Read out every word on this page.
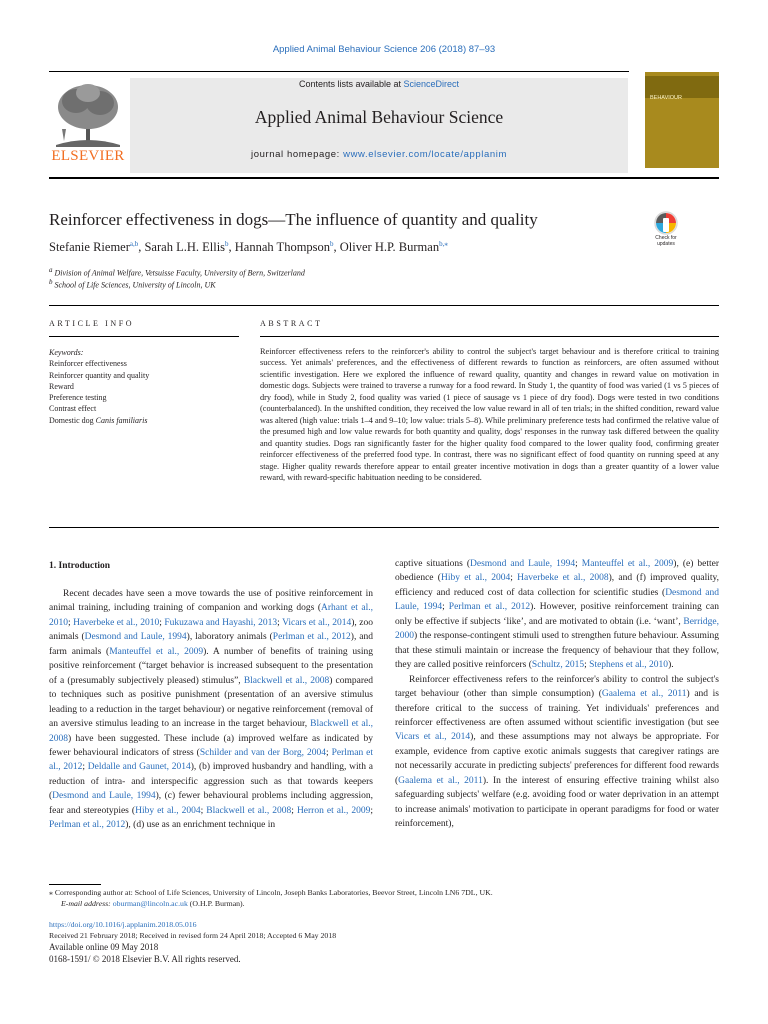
Applied Animal Behaviour Science 206 (2018) 87–93
ELSEVIER
Contents lists available at ScienceDirect
Applied Animal Behaviour Science
journal homepage: www.elsevier.com/locate/applanim
BEHAVIOUR
Reinforcer effectiveness in dogs—The influence of quantity and quality
Check for updates
Stefanie Riemer$^{a,b}$, Sarah L.H. Ellis$^b$, Hannah Thompson$^b$, Oliver H.P. Burman$^{b,⁎}$
$^a$ Division of Animal Welfare, Vetsuisse Faculty, University of Bern, Switzerland
$^b$ School of Life Sciences, University of Lincoln, UK
ARTICLE INFO	ABSTRACT
Keywords:
Reinforcer effectiveness
Reinforcer quantity and quality
Reward
Preference testing
Contrast effect
Domestic dog Canis familiaris
Reinforcer effectiveness refers to the reinforcer's ability to control the subject's target behaviour and is therefore critical to training success. Yet animals' preferences, and the effectiveness of different rewards to function as reinforcers, are often assumed without scientific investigation. Here we explored the influence of reward quality, quantity and changes in reward value on motivation in domestic dogs. Subjects were trained to traverse a runway for a food reward. In Study 1, the quantity of food was varied (1 vs 5 pieces of dry food), while in Study 2, food quality was varied (1 piece of sausage vs 1 piece of dry food). Dogs were tested in two conditions (counterbalanced). In the unshifted condition, they received the low value reward in all of ten trials; in the shifted condition, reward value was altered (high value: trials 1–4 and 9–10; low value: trials 5–8). While preliminary preference tests had confirmed the relative value of the presumed high and low value rewards for both quantity and quality, dogs' responses in the runway task differed between the quality and quantity studies. Dogs ran significantly faster for the higher quality food compared to the lower quality food, confirming greater reinforcer effectiveness of the preferred food type. In contrast, there was no significant effect of food quantity on running speed at any stage. Higher quality rewards therefore appear to entail greater incentive motivation in dogs than a greater quantity of a lower value reward, with reward-specific habituation needing to be considered.
1. Introduction
Recent decades have seen a move towards the use of positive reinforcement in animal training, including training of companion and working dogs (Arhant et al., 2010; Haverbeke et al., 2010; Fukuzawa and Hayashi, 2013; Vicars et al., 2014), zoo animals (Desmond and Laule, 1994), laboratory animals (Perlman et al., 2012), and farm animals (Manteuffel et al., 2009). A number of benefits of training using positive reinforcement (“target behavior is increased subsequent to the presentation of a (presumably subjectively pleased) stimulus”, Blackwell et al., 2008) compared to techniques such as positive punishment (presentation of an aversive stimulus leading to a reduction in the target behaviour) or negative reinforcement (removal of an aversive stimulus leading to an increase in the target behaviour, Blackwell et al., 2008) have been suggested. These include (a) improved welfare as indicated by fewer behavioural indicators of stress (Schilder and van der Borg, 2004; Perlman et al., 2012; Deldalle and Gaunet, 2014), (b) improved husbandry and handling, with a reduction of intra- and interspecific aggression such as that towards keepers (Desmond and Laule, 1994), (c) fewer behavioural problems including aggression, fear and stereotypies (Hiby et al., 2004; Blackwell et al., 2008; Herron et al., 2009; Perlman et al., 2012), (d) use as an enrichment technique in

captive situations (Desmond and Laule, 1994; Manteuffel et al., 2009), (e) better obedience (Hiby et al., 2004; Haverbeke et al., 2008), and (f) improved quality, efficiency and reduced cost of data collection for scientific studies (Desmond and Laule, 1994; Perlman et al., 2012). However, positive reinforcement training can only be effective if subjects ‘like’, and are motivated to obtain (i.e. ‘want’, Berridge, 2000) the response-contingent stimuli used to strengthen future behaviour. Assuming that these stimuli maintain or increase the frequency of behaviour that they follow, they are called positive reinforcers (Schultz, 2015; Stephens et al., 2010).

Reinforcer effectiveness refers to the reinforcer's ability to control the subject's target behaviour (other than simple consumption) (Gaalema et al., 2011) and is therefore critical to the success of training. Yet individuals' preferences and reinforcer effectiveness are often assumed without scientific investigation (but see Vicars et al., 2014), and these assumptions may not always be appropriate. For example, evidence from captive exotic animals suggests that caregiver ratings are not necessarily accurate in predicting subjects' preferences for different food rewards (Gaalema et al., 2011). In the interest of ensuring effective training whilst also safeguarding subjects' welfare (e.g. avoiding food or water deprivation in an attempt to increase animals' motivation to participate in operant paradigms for food or water reinforcement),

⁎ Corresponding author at: School of Life Sciences, University of Lincoln, Joseph Banks Laboratories, Beevor Street, Lincoln LN6 7DL, UK.
E-mail address: oburman@lincoln.ac.uk (O.H.P. Burman).
https://doi.org/10.1016/j.applanim.2018.05.016
Received 21 February 2018; Received in revised form 24 April 2018; Accepted 6 May 2018
Available online 09 May 2018
0168-1591/ © 2018 Elsevier B.V. All rights reserved.
